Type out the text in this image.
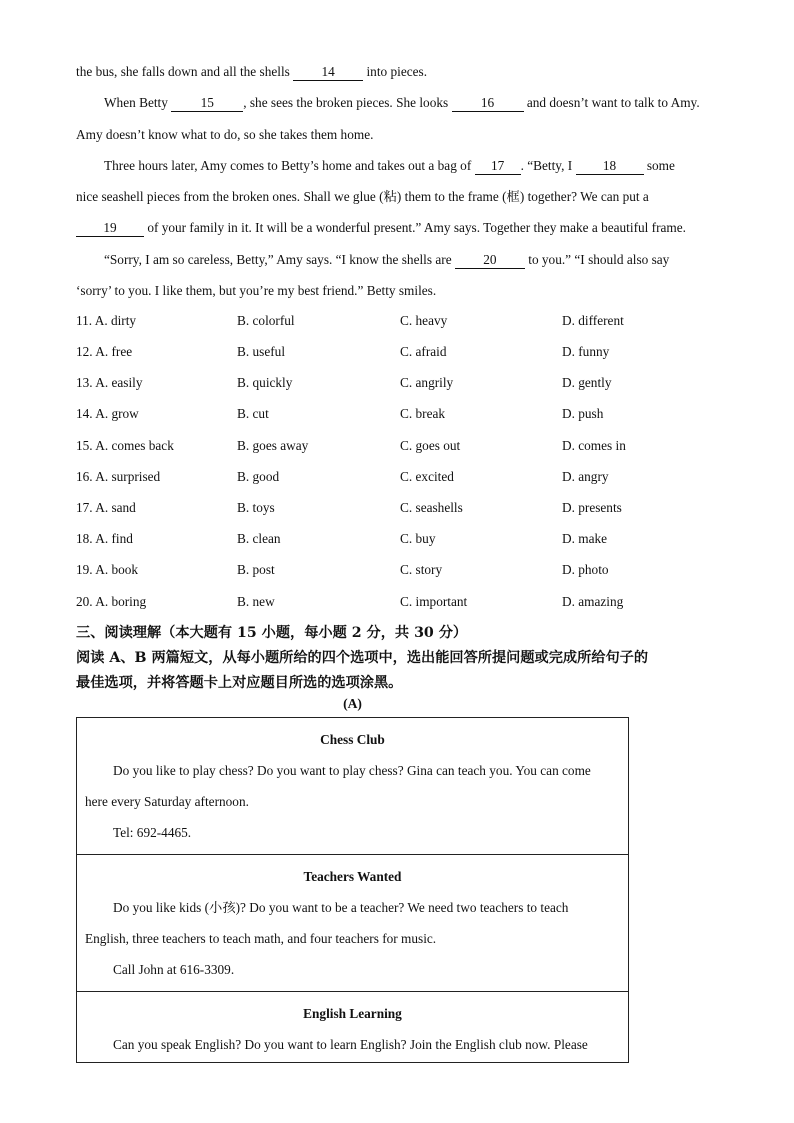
the bus, she falls down and all the shells 14 into pieces.
When Betty 15 , she sees the broken pieces. She looks 16 and doesn’t want to talk to Amy.
Amy doesn’t know what to do, so she takes them home.
Three hours later, Amy comes to Betty’s home and takes out a bag of 17 . “Betty, I 18 some
nice seashell pieces from the broken ones. Shall we glue (粘) them to the frame (框) together? We can put a
19 of your family in it. It will be a wonderful present.” Amy says. Together they make a beautiful frame.
“Sorry, I am so careless, Betty,” Amy says. “I know the shells are 20 to you.” “I should also say
‘sorry’ to you. I like them, but you’re my best friend.” Betty smiles.
11. A. dirty	B. colorful	C. heavy	D. different
12. A. free	B. useful	C. afraid	D. funny
13. A. easily	B. quickly	C. angrily	D. gently
14. A. grow	B. cut	C. break	D. push
15. A. comes back	B. goes away	C. goes out	D. comes in
16. A. surprised	B. good	C. excited	D. angry
17. A. sand	B. toys	C. seashells	D. presents
18. A. find	B. clean	C. buy	D. make
19. A. book	B. post	C. story	D. photo
20. A. boring	B. new	C. important	D. amazing
三、阅读理解（本大题有 15 小题，每小题 2 分，共 30 分）
阅读 A、B 两篇短文，从每小题所给的四个选项中，选出能回答所提问题或完成所给句子的
最佳选项，并将答题卡上对应题目所选的选项涂黑。
(A)
Chess Club
Do you like to play chess? Do you want to play chess? Gina can teach you. You can come
here every Saturday afternoon.
Tel: 692-4465.
Teachers Wanted
Do you like kids (小孩)? Do you want to be a teacher? We need two teachers to teach
English, three teachers to teach math, and four teachers for music.
Call John at 616-3309.
English Learning
Can you speak English? Do you want to learn English? Join the English club now. Please
